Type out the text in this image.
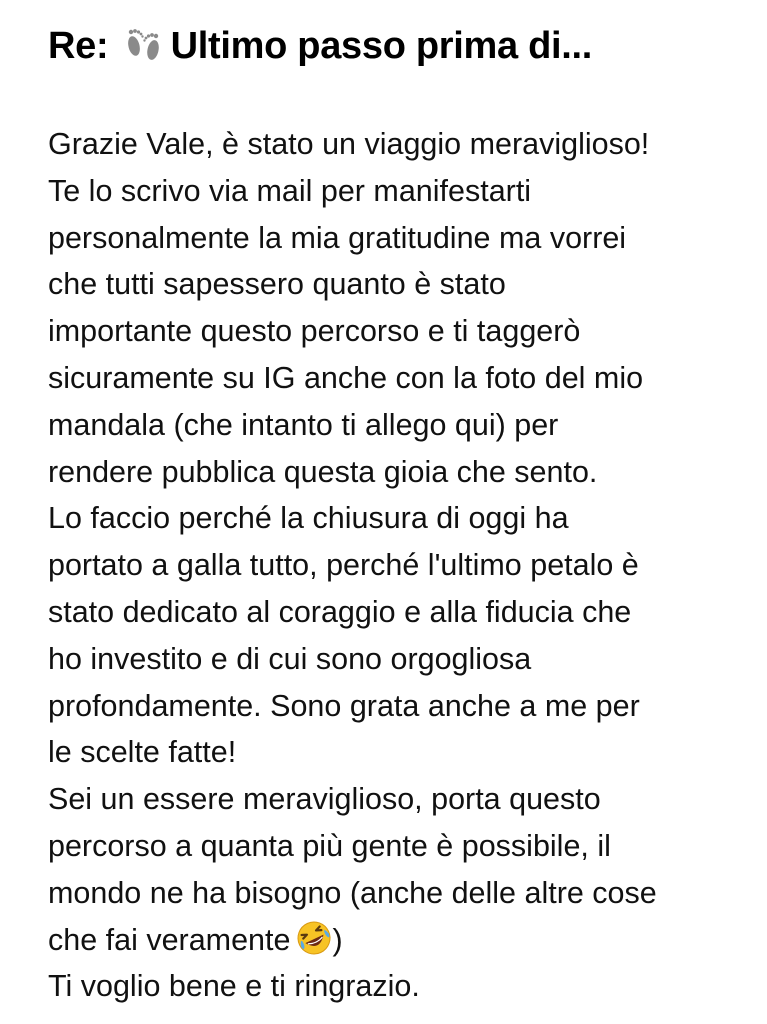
Re: Ultimo passo prima di...
Grazie Vale, è stato un viaggio meraviglioso!
Te lo scrivo via mail per manifestarti
personalmente la mia gratitudine ma vorrei
che tutti sapessero quanto è stato
importante questo percorso e ti taggerò
sicuramente su IG anche con la foto del mio
mandala (che intanto ti allego qui) per
rendere pubblica questa gioia che sento.
Lo faccio perché la chiusura di oggi ha
portato a galla tutto, perché l'ultimo petalo è
stato dedicato al coraggio e alla fiducia che
ho investito e di cui sono orgogliosa
profondamente. Sono grata anche a me per
le scelte fatte!
Sei un essere meraviglioso, porta questo
percorso a quanta più gente è possibile, il
mondo ne ha bisogno (anche delle altre cose
che fai veramente )
Ti voglio bene e ti ringrazio.
